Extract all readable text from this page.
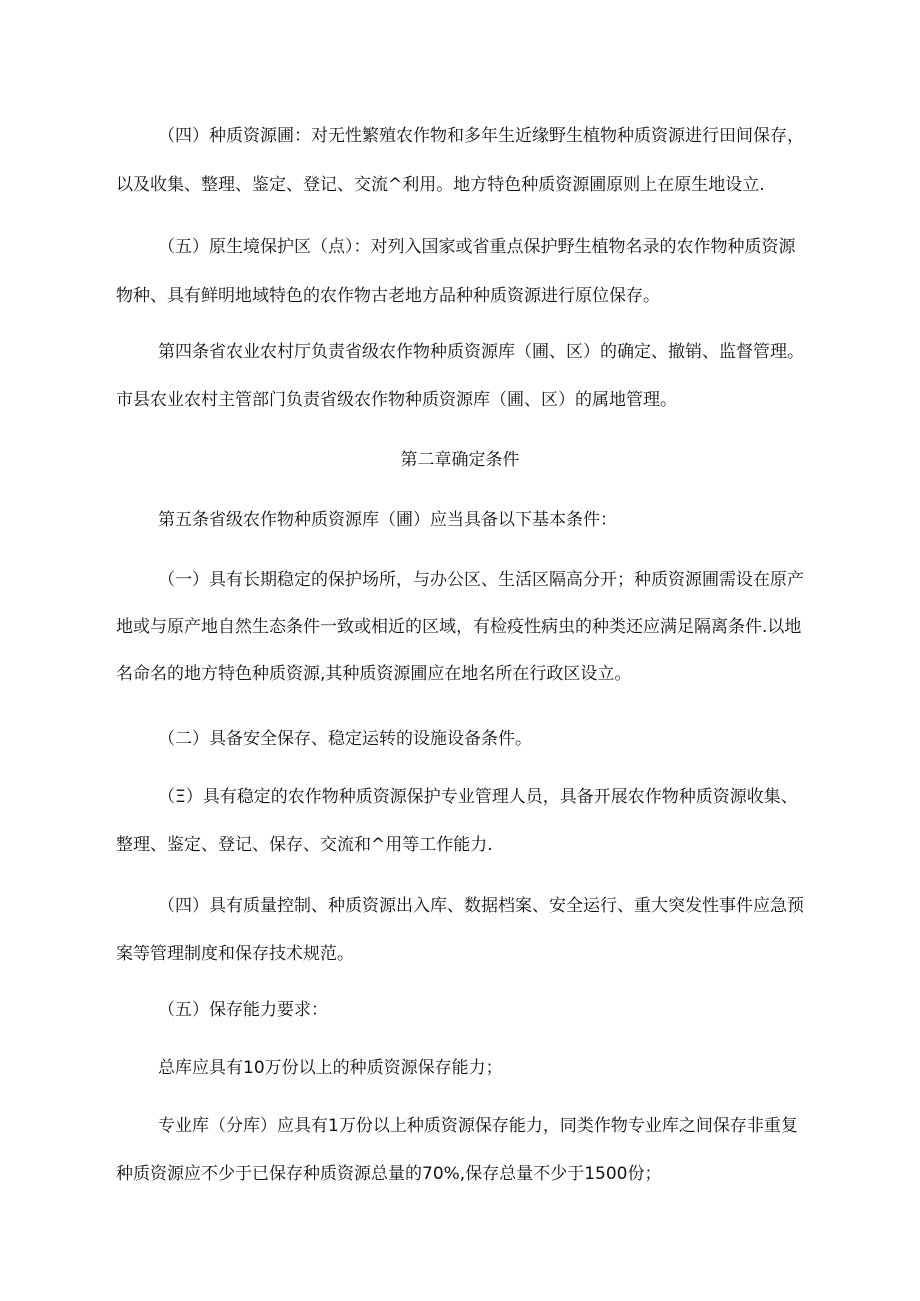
（四）种质资源圃：对无性繁殖农作物和多年生近缘野生植物种质资源进行田间保存，
以及收集、整理、鉴定、登记、交流^利用。地方特色种质资源圃原则上在原生地设立.
（五）原生境保护区（点）：对列入国家或省重点保护野生植物名录的农作物种质资源
物种、具有鲜明地域特色的农作物古老地方品种种质资源进行原位保存。
第四条省农业农村厅负责省级农作物种质资源库（圃、区）的确定、撤销、监督管理。
市县农业农村主管部门负责省级农作物种质资源库（圃、区）的属地管理。
第二章确定条件
第五条省级农作物种质资源库（圃）应当具备以下基本条件：
（一）具有长期稳定的保护场所，与办公区、生活区隔高分开；种质资源圃需设在原产
地或与原产地自然生态条件一致或相近的区域，有检疫性病虫的种类还应满足隔离条件.以地
名命名的地方特色种质资源,其种质资源圃应在地名所在行政区设立。
（二）具备安全保存、稳定运转的设施设备条件。
（Ξ）具有稳定的农作物种质资源保护专业管理人员，具备开展农作物种质资源收集、
整理、鉴定、登记、保存、交流和^用等工作能力.
（四）具有质量控制、种质资源出入库、数据档案、安全运行、重大突发性事件应急预
案等管理制度和保存技术规范。
（五）保存能力要求：
总库应具有10万份以上的种质资源保存能力；
专业库（分库）应具有1万份以上种质资源保存能力，同类作物专业库之间保存非重复
种质资源应不少于已保存种质资源总量的70%,保存总量不少于1500份；
